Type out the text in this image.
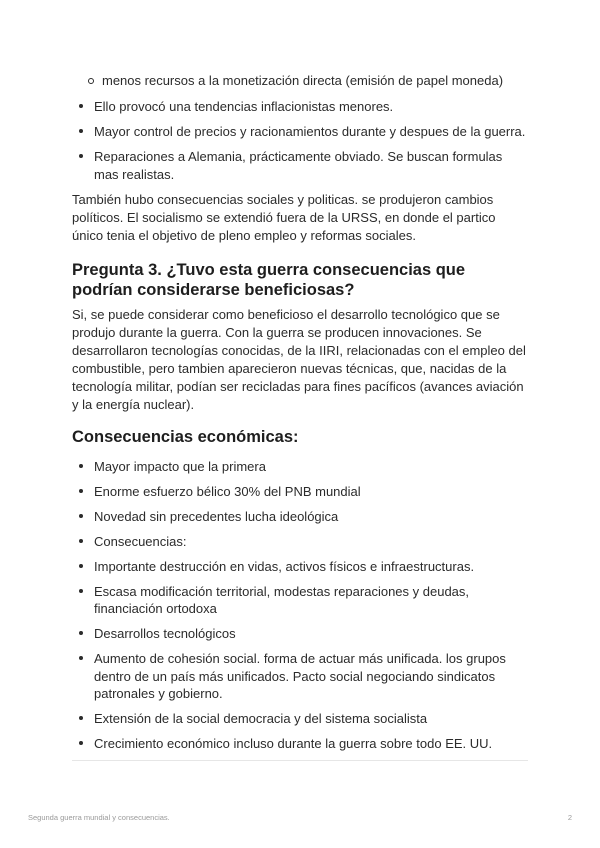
menos recursos a la monetización directa (emisión de papel moneda)
Ello provocó una tendencias inflacionistas menores.
Mayor control de precios y racionamientos durante y despues de la guerra.
Reparaciones a Alemania, prácticamente obviado. Se buscan formulas mas realistas.

También hubo consecuencias sociales y politicas. se produjeron cambios políticos. El socialismo se extendió fuera de la URSS, en donde el partico único tenia el objetivo de pleno empleo y reformas sociales.

Pregunta 3. ¿Tuvo esta guerra consecuencias que podrían considerarse beneficiosas?

Si, se puede considerar como beneficioso el desarrollo tecnológico que se produjo durante la guerra. Con la guerra se producen innovaciones. Se desarrollaron tecnologías conocidas, de la IIRI, relacionadas con el empleo del combustible, pero tambien aparecieron nuevas técnicas, que, nacidas de la tecnología militar, podían ser recicladas para fines pacíficos (avances aviación y la energía nuclear).

Consecuencias económicas:
Mayor impacto que la primera
Enorme esfuerzo bélico 30% del PNB mundial
Novedad sin precedentes lucha ideológica
Consecuencias:
Importante destrucción en vidas, activos físicos e infraestructuras.
Escasa modificación territorial, modestas reparaciones y deudas, financiación ortodoxa
Desarrollos tecnológicos
Aumento de cohesión social. forma de actuar más unificada. los grupos dentro de un país más unificados. Pacto social negociando sindicatos patronales y gobierno.
Extensión de la social democracia y del sistema socialista
Crecimiento económico incluso durante la guerra sobre todo EE. UU.
Segunda guerra mundial y consecuencias.	2
